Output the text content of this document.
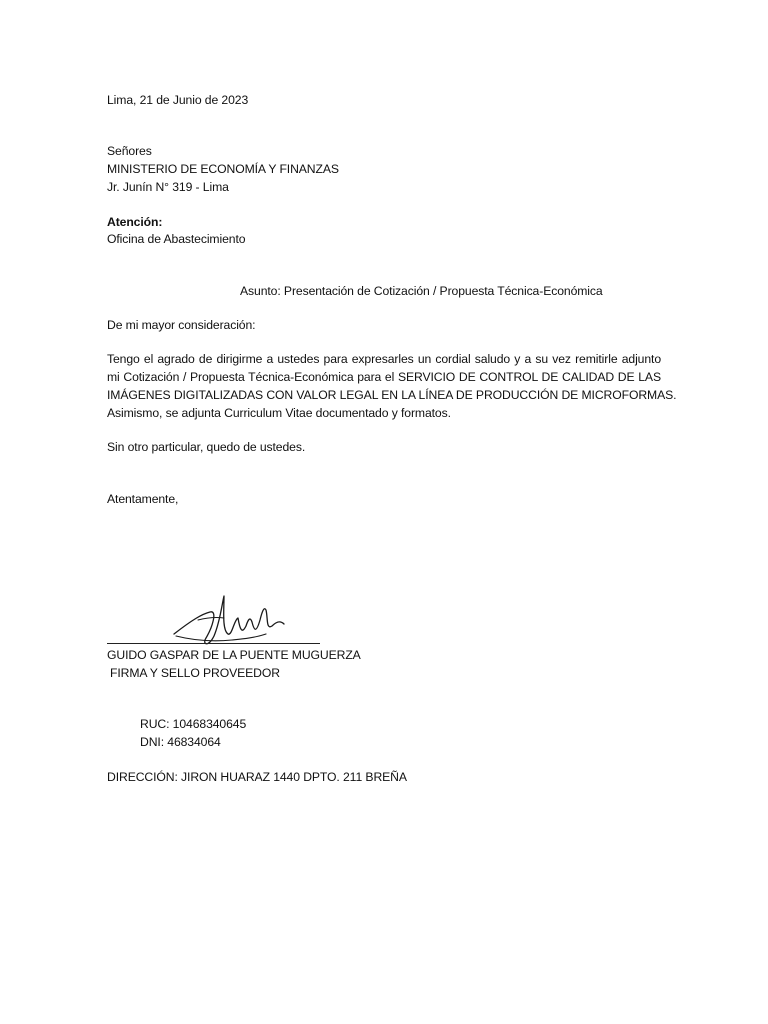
Lima, 21 de Junio de 2023
Señores
MINISTERIO DE ECONOMÍA Y FINANZAS
Jr. Junín N° 319 - Lima
Atención:
Oficina de Abastecimiento
Asunto: Presentación de Cotización / Propuesta Técnica-Económica
De mi mayor consideración:
Tengo el agrado de dirigirme a ustedes para expresarles un cordial saludo y a su vez remitirle adjunto
mi Cotización / Propuesta Técnica-Económica para el SERVICIO DE CONTROL DE CALIDAD DE LAS
IMÁGENES DIGITALIZADAS CON VALOR LEGAL EN LA LÍNEA DE PRODUCCIÓN DE MICROFORMAS.
Asimismo, se adjunta Curriculum Vitae documentado y formatos.
Sin otro particular, quedo de ustedes.
Atentamente,
GUIDO GASPAR DE LA PUENTE MUGUERZA
FIRMA Y SELLO PROVEEDOR
RUC: 10468340645
DNI: 46834064
DIRECCIÓN: JIRON HUARAZ 1440 DPTO. 211 BREÑA
